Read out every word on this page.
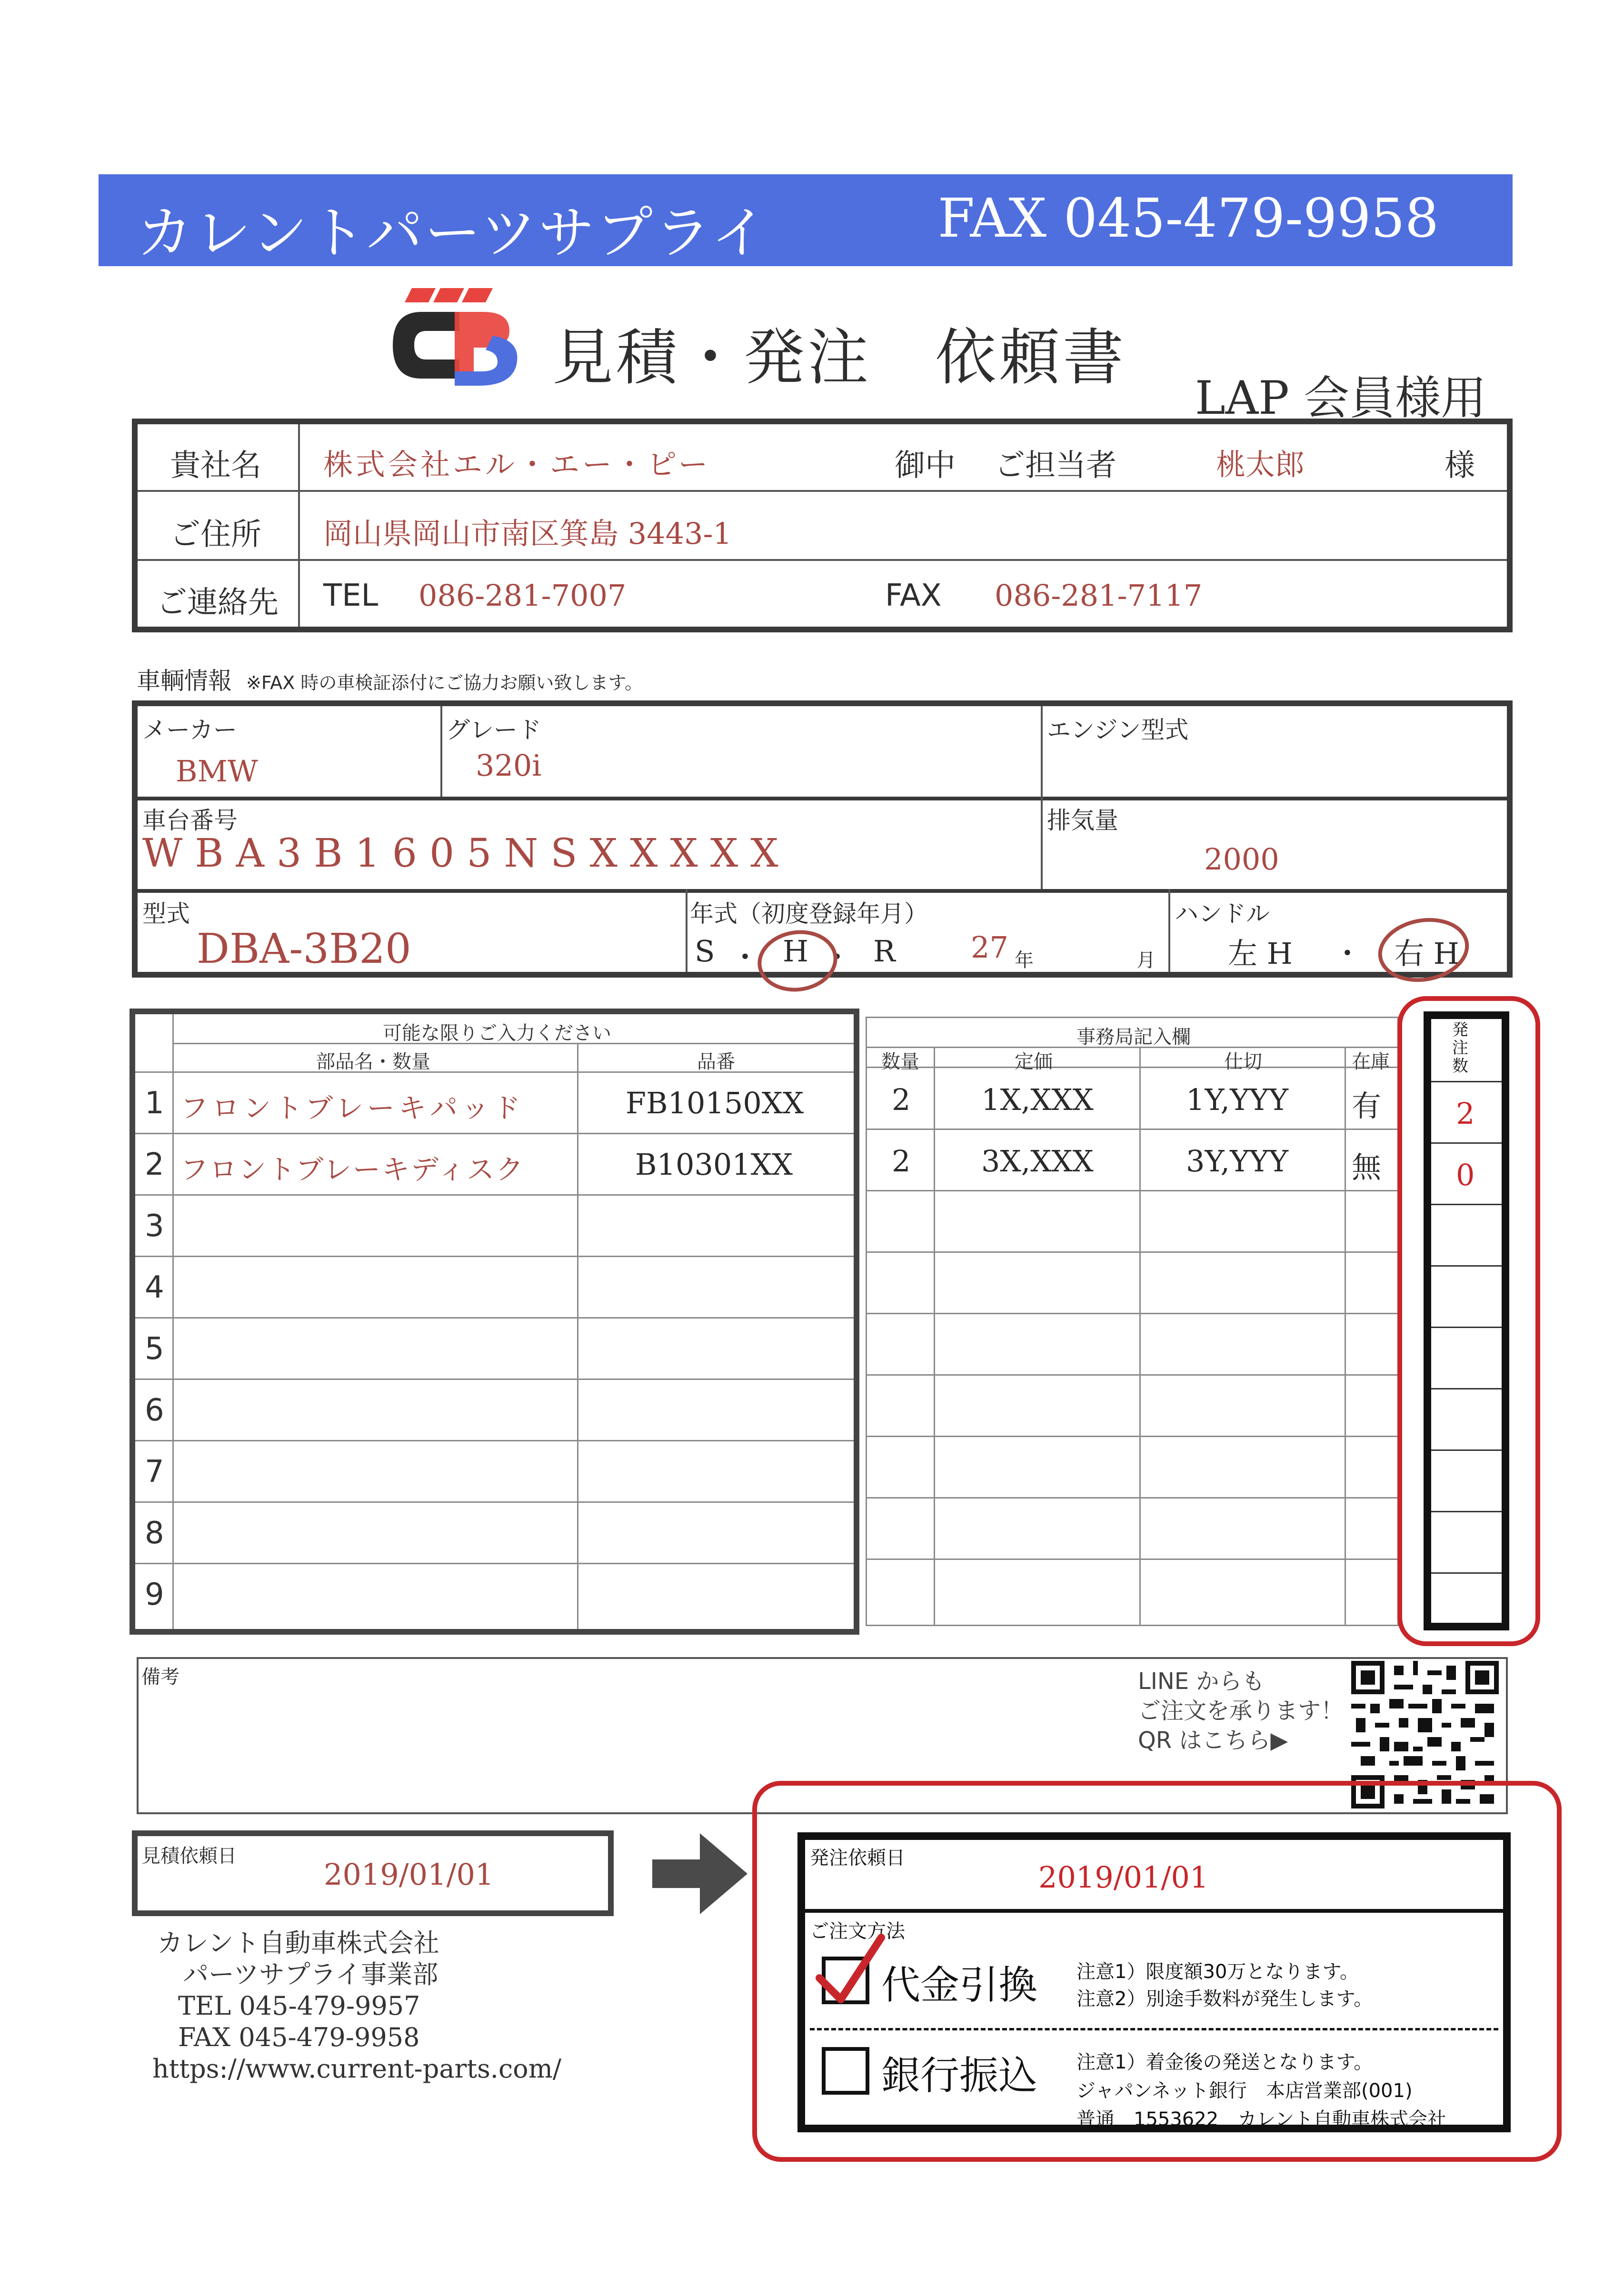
カレントパーツサプライ	FAX 045-479-9958
見積・発注　依頼書
LAP 会員様用
貴社名 株式会社エル・エー・ピー	御中 ご担当者	桃太郎	様
ご住所 岡山県岡山市南区箕島 3443-1
ご連絡先 TEL 086-281-7007	FAX 086-281-7117
車輌情報 ※FAX 時の車検証添付にご協力お願い致します。
メーカー
BMW
グレード
320i
エンジン型式
車台番号
W B A 3 B 1 6 0 5 N S X X X X X
排気量
2000
型式
DBA-3B20
年式（初度登録年月）
S ・ H ・ R	27 年	月
ハンドル
左 H ・ 右 H
可能な限りご入力ください
部品名・数量	品番
1 フロントブレーキパッド	FB10150XX
2 フロントブレーキディスク	B10301XX
3
4
5
6
7
8
9
事務局記入欄
数量	定価	仕切	在庫
2 1X,XXX	1Y,YYY 有
2 3X,XXX	3Y,YYY 無
発注数
2
0
備考	LINE からも
ご注文を承ります！
QR はこちら▶
見積依頼日
2019/01/01
カレント自動車株式会社
　パーツサプライ事業部
TEL 045-479-9957
FAX 045-479-9958
https://www.current-parts.com/
発注依頼日
2019/01/01
ご注文方法
代金引換 注意1）限度額30万となります。
注意2）別途手数料が発生します。
銀行振込 注意1）着金後の発送となります。
ジャパンネット銀行　本店営業部(001)
普通　1553622　カレント自動車株式会社
